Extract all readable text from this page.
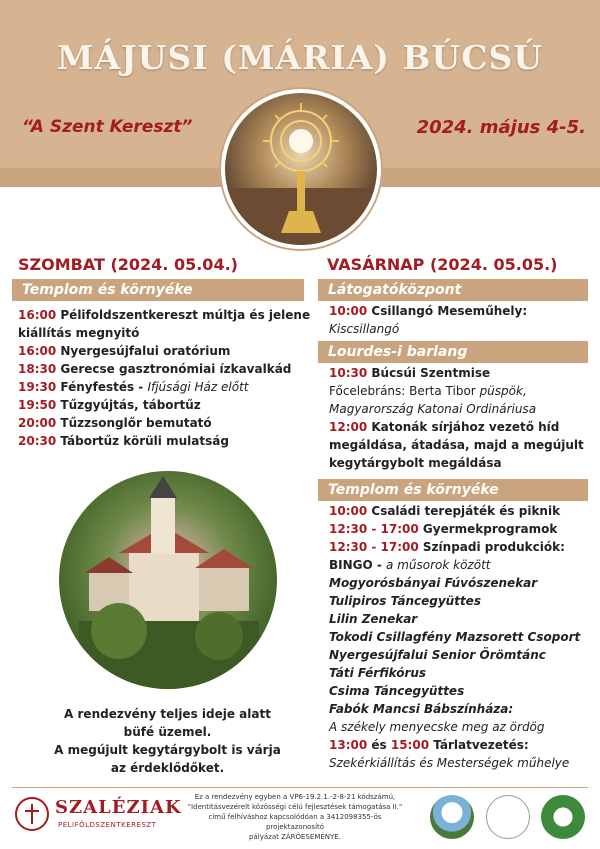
MÁJUSI (MÁRIA) BÚCSÚ
“A Szent Kereszt”	2024. május 4-5.
SZOMBAT (2024. 05.04.)	VASÁRNAP (2024. 05.05.)
Templom és környéke
16:00 Pélifoldszentkereszt múltja és jelene
kiállítás megnyitó
16:00 Nyergesújfalui oratórium
18:30 Gerecse gasztronómiai ízkavalkád
19:30 Fényfestés - Ifjúsági Ház előtt
19:50 Tűzgyújtás, tábortűz
20:00 Tűzzsonglőr bemutató
20:30 Tábortűz körüli mulatság
A rendezvény teljes ideje alatt
büfé üzemel.
A megújult kegytárgybolt is várja
az érdeklődőket.
Látogatóközpont
10:00 Csillangó Meseműhely:
Kiscsillangó
Lourdes-i barlang
10:30 Búcsúi Szentmise
Főcelebráns: Berta Tibor püspök,
Magyarország Katonai Ordináriusa
12:00 Katonák sírjához vezető híd
megáldása, átadása, majd a megújult
kegytárgybolt megáldása
Templom és környéke
10:00 Családi terepjáték és piknik
12:30 - 17:00 Gyermekprogramok
12:30 - 17:00 Színpadi produkciók:
BINGO - a műsorok között
Mogyorósbányai Fúvószenekar
Tulipiros Táncegyüttes
Lilin Zenekar
Tokodi Csillagfény Mazsorett Csoport
Nyergesújfalui Senior Örömtánc
Táti Férfikórus
Csima Táncegyüttes
Fabók Mancsi Bábszínháza:
A székely menyecske meg az ördög
13:00 és 15:00 Tárlatvezetés:
Szekérkiállítás és Mesterségek műhelye
SZALÉZIAK
PÉLIFÖLDSZENTKERESZT
Ez a rendezvény egyben a VP6-19.2.1.-2-8-21 kódszámú,
"Identitásvezérelt közösségi célú fejlesztések támogatása II."
című felhíváshoz kapcsolódóan a 3412098355-ös projektazonosító
pályázat ZÁRÓESEMÉNYE.
